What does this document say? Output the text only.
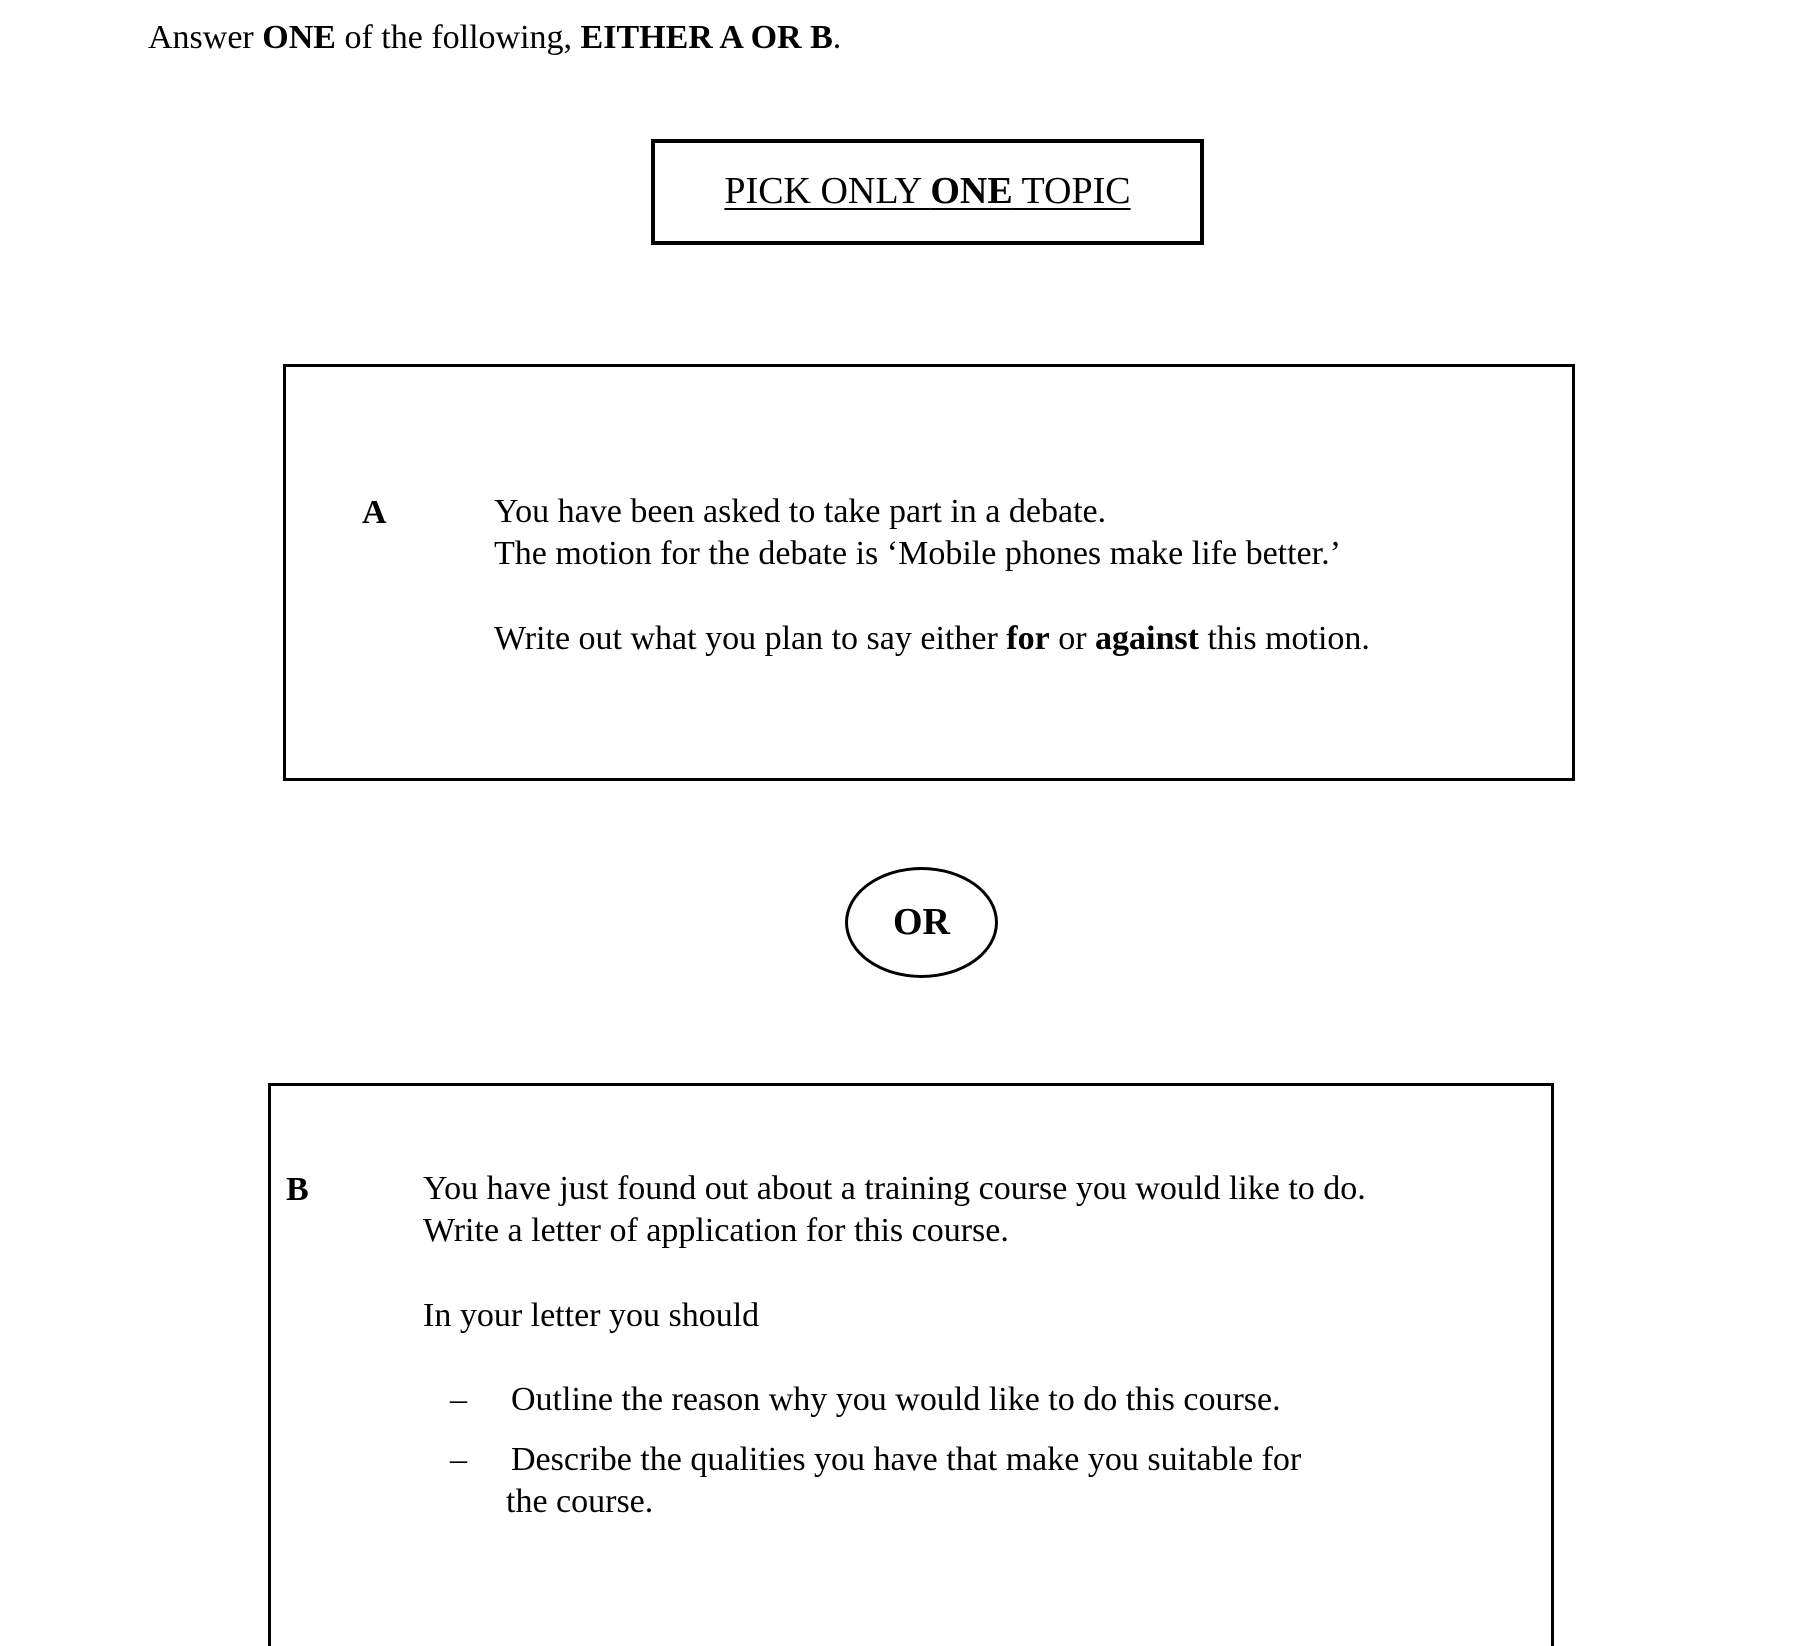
Answer ONE of the following, EITHER A OR B.
PICK ONLY ONE TOPIC
A	You have been asked to take part in a debate.
The motion for the debate is ‘Mobile phones make life better.’
Write out what you plan to say either for or against this motion.
OR
B	You have just found out about a training course you would like to do.
Write a letter of application for this course.
In your letter you should
– Outline the reason why you would like to do this course.
– Describe the qualities you have that make you suitable for
the course.
